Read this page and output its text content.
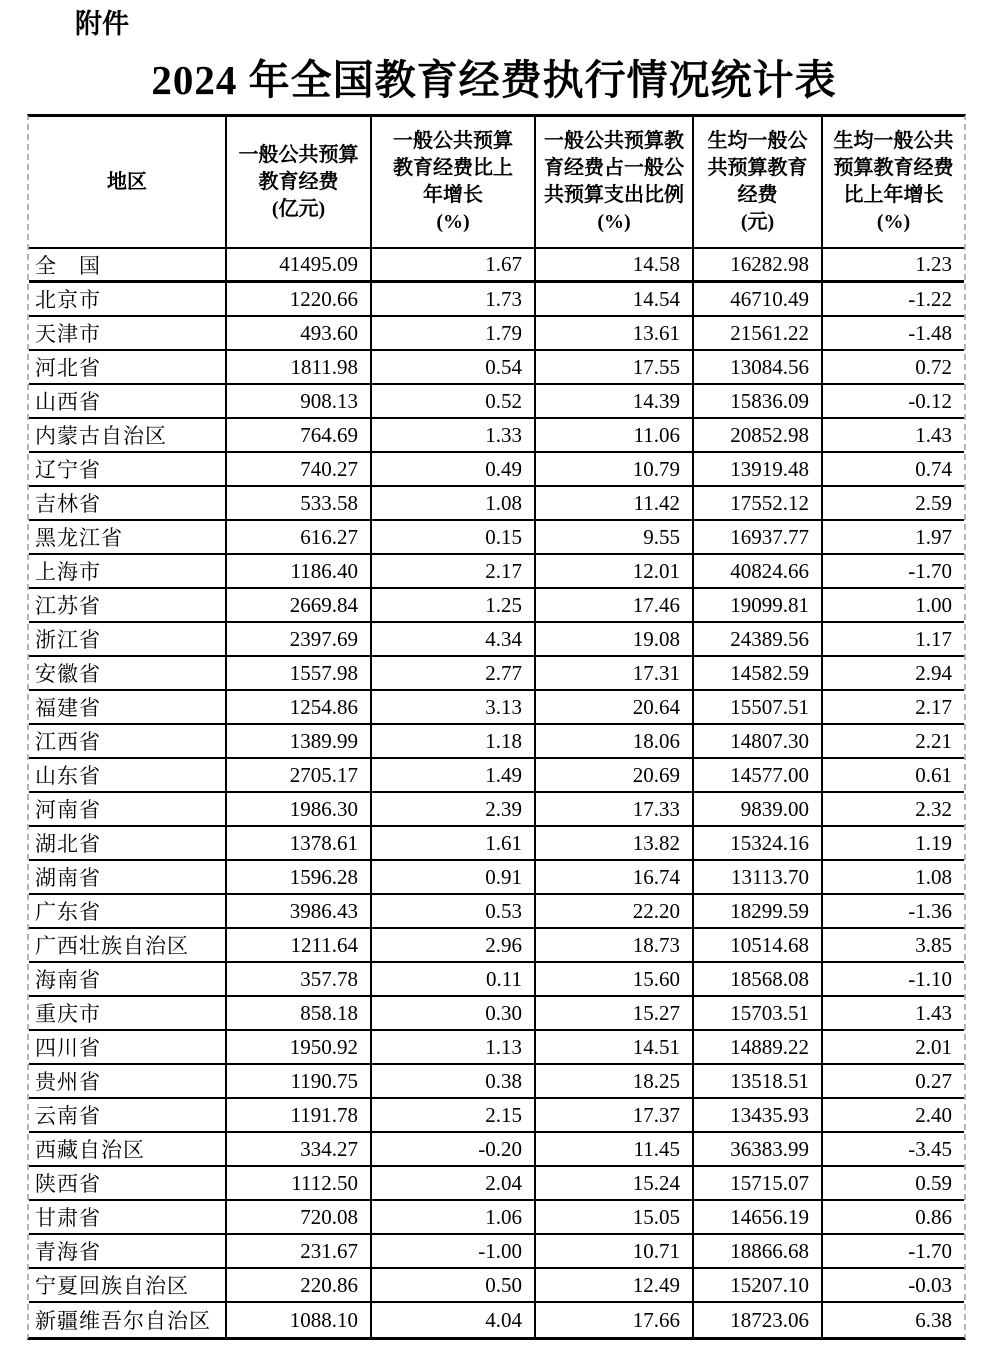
附件
2024 年全国教育经费执行情况统计表
地区

一般公共预算
教育经费
(亿元)

一般公共预算
教育经费比上
年增长
(%)

一般公共预算教
育经费占一般公
共预算支出比例
(%)

生均一般公
共预算教育
经费
(元)

生均一般公共
预算教育经费
比上年增长
(%)

全　国	41495.09	1.67	14.58	16282.98	1.23
北京市	1220.66	1.73	14.54	46710.49	-1.22
天津市	493.60	1.79	13.61	21561.22	-1.48
河北省	1811.98	0.54	17.55	13084.56	0.72
山西省	908.13	0.52	14.39	15836.09	-0.12
内蒙古自治区	764.69	1.33	11.06	20852.98	1.43
辽宁省	740.27	0.49	10.79	13919.48	0.74
吉林省	533.58	1.08	11.42	17552.12	2.59
黑龙江省	616.27	0.15	9.55	16937.77	1.97
上海市	1186.40	2.17	12.01	40824.66	-1.70
江苏省	2669.84	1.25	17.46	19099.81	1.00
浙江省	2397.69	4.34	19.08	24389.56	1.17
安徽省	1557.98	2.77	17.31	14582.59	2.94
福建省	1254.86	3.13	20.64	15507.51	2.17
江西省	1389.99	1.18	18.06	14807.30	2.21
山东省	2705.17	1.49	20.69	14577.00	0.61
河南省	1986.30	2.39	17.33	9839.00	2.32
湖北省	1378.61	1.61	13.82	15324.16	1.19
湖南省	1596.28	0.91	16.74	13113.70	1.08
广东省	3986.43	0.53	22.20	18299.59	-1.36
广西壮族自治区	1211.64	2.96	18.73	10514.68	3.85
海南省	357.78	0.11	15.60	18568.08	-1.10
重庆市	858.18	0.30	15.27	15703.51	1.43
四川省	1950.92	1.13	14.51	14889.22	2.01
贵州省	1190.75	0.38	18.25	13518.51	0.27
云南省	1191.78	2.15	17.37	13435.93	2.40
西藏自治区	334.27	-0.20	11.45	36383.99	-3.45
陕西省	1112.50	2.04	15.24	15715.07	0.59
甘肃省	720.08	1.06	15.05	14656.19	0.86
青海省	231.67	-1.00	10.71	18866.68	-1.70
宁夏回族自治区	220.86	0.50	12.49	15207.10	-0.03
新疆维吾尔自治区	1088.10	4.04	17.66	18723.06	6.38
